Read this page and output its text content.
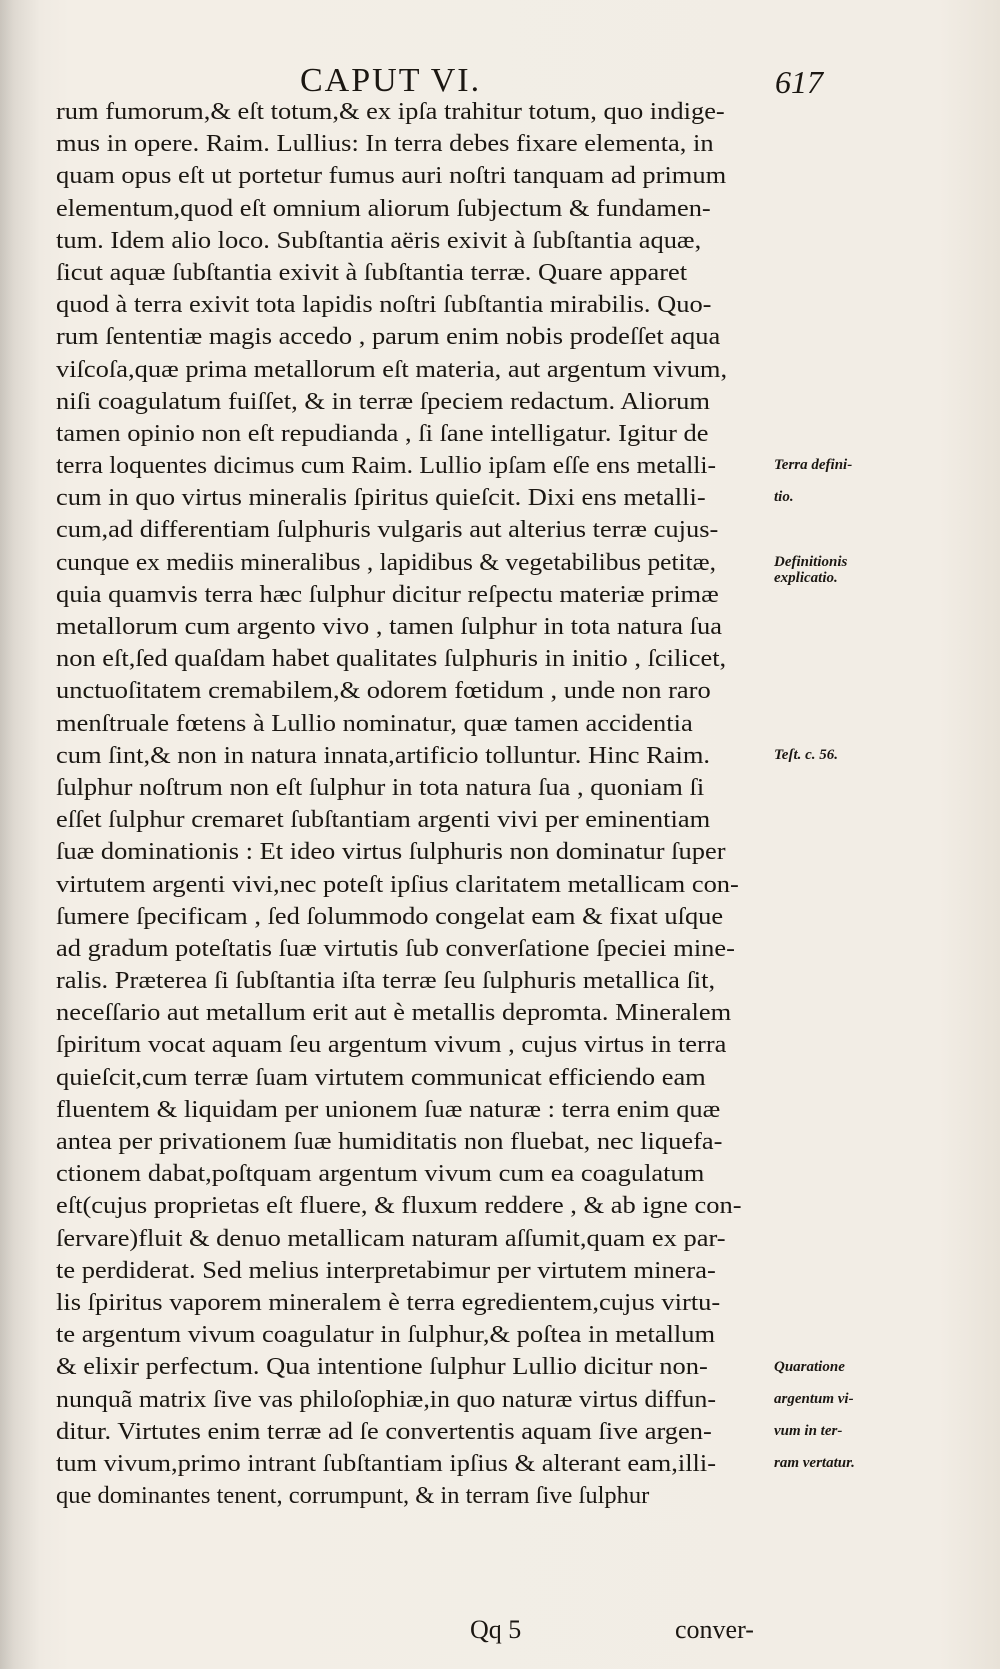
CAPUT VI.	617
rum fumorum,& eſt totum,& ex ipſa trahitur totum, quo indige-
mus in opere. Raim. Lullius: In terra debes fixare elementa, in
quam opus eſt ut portetur fumus auri noſtri tanquam ad primum
elementum,quod eſt omnium aliorum ſubjectum & fundamen-
tum. Idem alio loco. Subſtantia aëris exivit à ſubſtantia aquæ,
ſicut aquæ ſubſtantia exivit à ſubſtantia terræ. Quare apparet
quod à terra exivit tota lapidis noſtri ſubſtantia mirabilis. Quo-
rum ſententiæ magis accedo , parum enim nobis prodeſſet aqua
viſcoſa,quæ prima metallorum eſt materia, aut argentum vivum,
niſi coagulatum fuiſſet, & in terræ ſpeciem redactum. Aliorum
tamen opinio non eſt repudianda , ſi ſane intelligatur. Igitur de
terra loquentes dicimus cum Raim. Lullio ipſam eſſe ens metalli-
cum in quo virtus mineralis ſpiritus quieſcit. Dixi ens metalli-
cum,ad differentiam ſulphuris vulgaris aut alterius terræ cujus-
cunque ex mediis mineralibus , lapidibus & vegetabilibus petitæ,
quia quamvis terra hæc ſulphur dicitur reſpectu materiæ primæ
metallorum cum argento vivo , tamen ſulphur in tota natura ſua
non eſt,ſed quaſdam habet qualitates ſulphuris in initio , ſcilicet,
unctuoſitatem cremabilem,& odorem fœtidum , unde non raro
menſtruale fœtens à Lullio nominatur, quæ tamen accidentia
cum ſint,& non in natura innata,artificio tolluntur. Hinc Raim.
ſulphur noſtrum non eſt ſulphur in tota natura ſua , quoniam ſi
eſſet ſulphur cremaret ſubſtantiam argenti vivi per eminentiam
ſuæ dominationis : Et ideo virtus ſulphuris non dominatur ſuper
virtutem argenti vivi,nec poteſt ipſius claritatem metallicam con-
ſumere ſpecificam , ſed ſolummodo congelat eam & fixat uſque
ad gradum poteſtatis ſuæ virtutis ſub converſatione ſpeciei mine-
ralis. Præterea ſi ſubſtantia iſta terræ ſeu ſulphuris metallica ſit,
neceſſario aut metallum erit aut è metallis depromta. Mineralem
ſpiritum vocat aquam ſeu argentum vivum , cujus virtus in terra
quieſcit,cum terræ ſuam virtutem communicat efficiendo eam
fluentem & liquidam per unionem ſuæ naturæ : terra enim quæ
antea per privationem ſuæ humiditatis non fluebat, nec liquefa-
ctionem dabat,poſtquam argentum vivum cum ea coagulatum
eſt(cujus proprietas eſt fluere, & fluxum reddere , & ab igne con-
ſervare)fluit & denuo metallicam naturam aſſumit,quam ex par-
te perdiderat. Sed melius interpretabimur per virtutem minera-
lis ſpiritus vaporem mineralem è terra egredientem,cujus virtu-
te argentum vivum coagulatur in ſulphur,& poſtea in metallum
& elixir perfectum. Qua intentione ſulphur Lullio dicitur non-
nunquã matrix ſive vas philoſophiæ,in quo naturæ virtus diffun-
ditur. Virtutes enim terræ ad ſe convertentis aquam ſive argen-
tum vivum,primo intrant ſubſtantiam ipſius & alterant eam,illi-
que dominantes tenent, corrumpunt, & in terram ſive ſulphur
Terra defini-
tio.
Definitionis
explicatio.
Teſt. c. 56.
Quaratione
argentum vi-
vum in ter-
ram vertatur.
Qq 5	conver-
